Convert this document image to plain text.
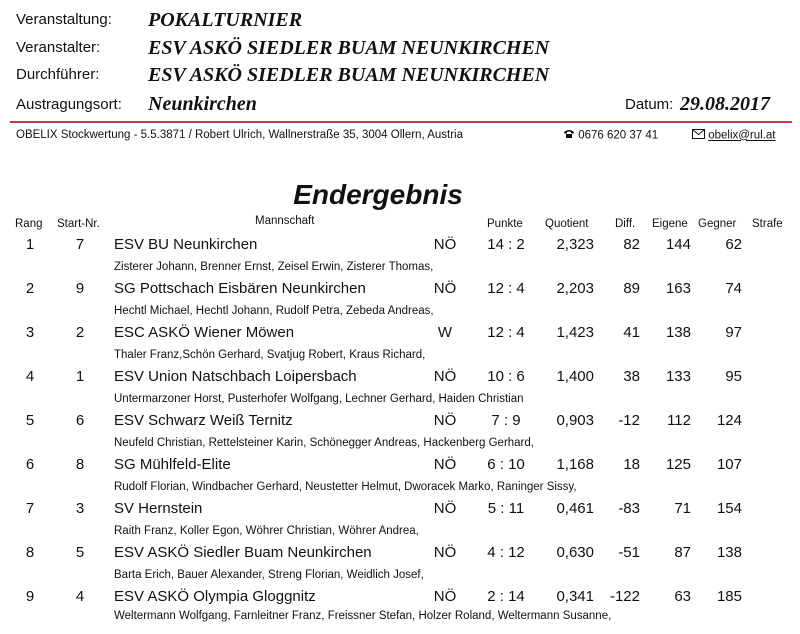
Veranstaltung: POKALTURNIER
Veranstalter: ESV ASKÖ SIEDLER BUAM NEUNKIRCHEN
Durchführer: ESV ASKÖ SIEDLER BUAM NEUNKIRCHEN
Austragungsort: Neunkirchen	Datum: 29.08.2017
OBELIX Stockwertung - 5.5.3871 / Robert Ulrich, Wallnerstraße 35, 3004 Ollern, Austria	0676 620 37 41	obelix@rul.at
Endergebnis
Rang Start-Nr.	Mannschaft	Punkte Quotient Diff. Eigene Gegner Strafe
1	7	ESV BU Neunkirchen	NÖ	14 : 2	2,323	82	144	62
Zisterer Johann, Brenner Ernst, Zeisel Erwin, Zisterer Thomas,
2	9	SG Pottschach Eisbären Neunkirchen	NÖ	12 : 4	2,203	89	163	74
Hechtl Michael, Hechtl Johann, Rudolf Petra, Zebeda Andreas,
3	2	ESC ASKÖ Wiener Möwen	W	12 : 4	1,423	41	138	97
Thaler Franz,Schön Gerhard, Svatjug Robert, Kraus Richard,
4	1	ESV Union Natschbach Loipersbach	NÖ	10 : 6	1,400	38	133	95
Untermarzoner Horst, Pusterhofer Wolfgang, Lechner Gerhard, Haiden Christian
5	6	ESV Schwarz Weiß Ternitz	NÖ	7 : 9	0,903	-12	112	124
Neufeld Christian, Rettelsteiner Karin, Schönegger Andreas, Hackenberg Gerhard,
6	8	SG Mühlfeld-Elite	NÖ	6 : 10	1,168	18	125	107
Rudolf Florian, Windbacher Gerhard, Neustetter Helmut, Dworacek Marko, Raninger Sissy,
7	3	SV Hernstein	NÖ	5 : 11	0,461	-83	71	154
Raith Franz, Koller Egon, Wöhrer Christian, Wöhrer Andrea,
8	5	ESV ASKÖ Siedler Buam Neunkirchen	NÖ	4 : 12	0,630	-51	87	138
Barta Erich, Bauer Alexander, Streng Florian, Weidlich Josef,
9	4	ESV ASKÖ Olympia Gloggnitz	NÖ	2 : 14	0,341	-122	63	185
Weltermann Wolfgang, Farnleitner Franz, Freissner Stefan, Holzer Roland, Weltermann Susanne,
